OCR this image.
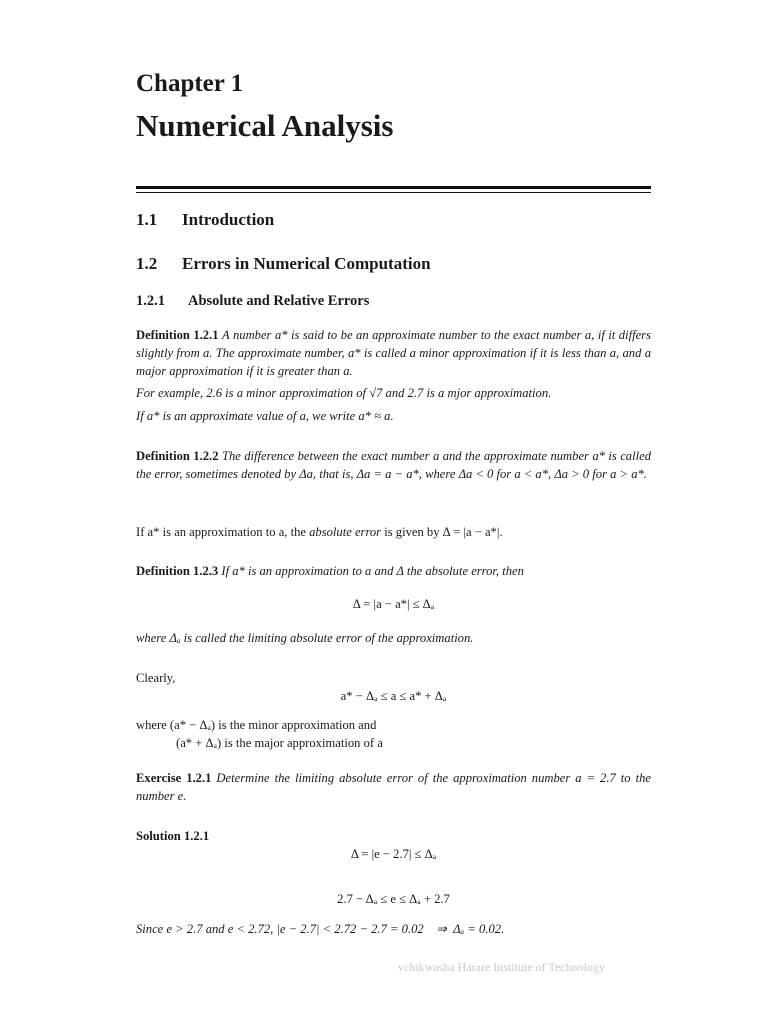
Chapter 1
Numerical Analysis
1.1 Introduction
1.2 Errors in Numerical Computation
1.2.1 Absolute and Relative Errors
Definition 1.2.1 A number a* is said to be an approximate number to the exact number a, if it differs slightly from a. The approximate number, a* is called a minor approximation if it is less than a, and a major approximation if it is greater than a.
For example, 2.6 is a minor approximation of √7 and 2.7 is a mjor approximation.
If a* is an approximate value of a, we write a* ≈ a.
Definition 1.2.2 The difference between the exact number a and the approximate number a* is called the error, sometimes denoted by Δa, that is, Δa = a − a*, where Δa < 0 for a < a*, Δa > 0 for a > a*.
If a* is an approximation to a, the absolute error is given by Δ = |a − a*|.
Definition 1.2.3 If a* is an approximation to a and Δ the absolute error, then
Δ = |a − a*| ≤ Δₐ
where Δₐ is called the limiting absolute error of the approximation.
Clearly,
a* − Δₐ ≤ a ≤ a* + Δₐ
where (a* − Δₐ) is the minor approximation and
(a* + Δₐ) is the major approximation of a
Exercise 1.2.1 Determine the limiting absolute error of the approximation number a = 2.7 to the number e.
Solution 1.2.1
Δ = |e − 2.7| ≤ Δₐ
2.7 − Δₐ ≤ e ≤ Δₐ + 2.7
Since e > 2.7 and e < 2.72, |e − 2.7| < 2.72 − 2.7 = 0.02    ⇒  Δₐ = 0.02.
vchikwasha Harare Institute of Technology
